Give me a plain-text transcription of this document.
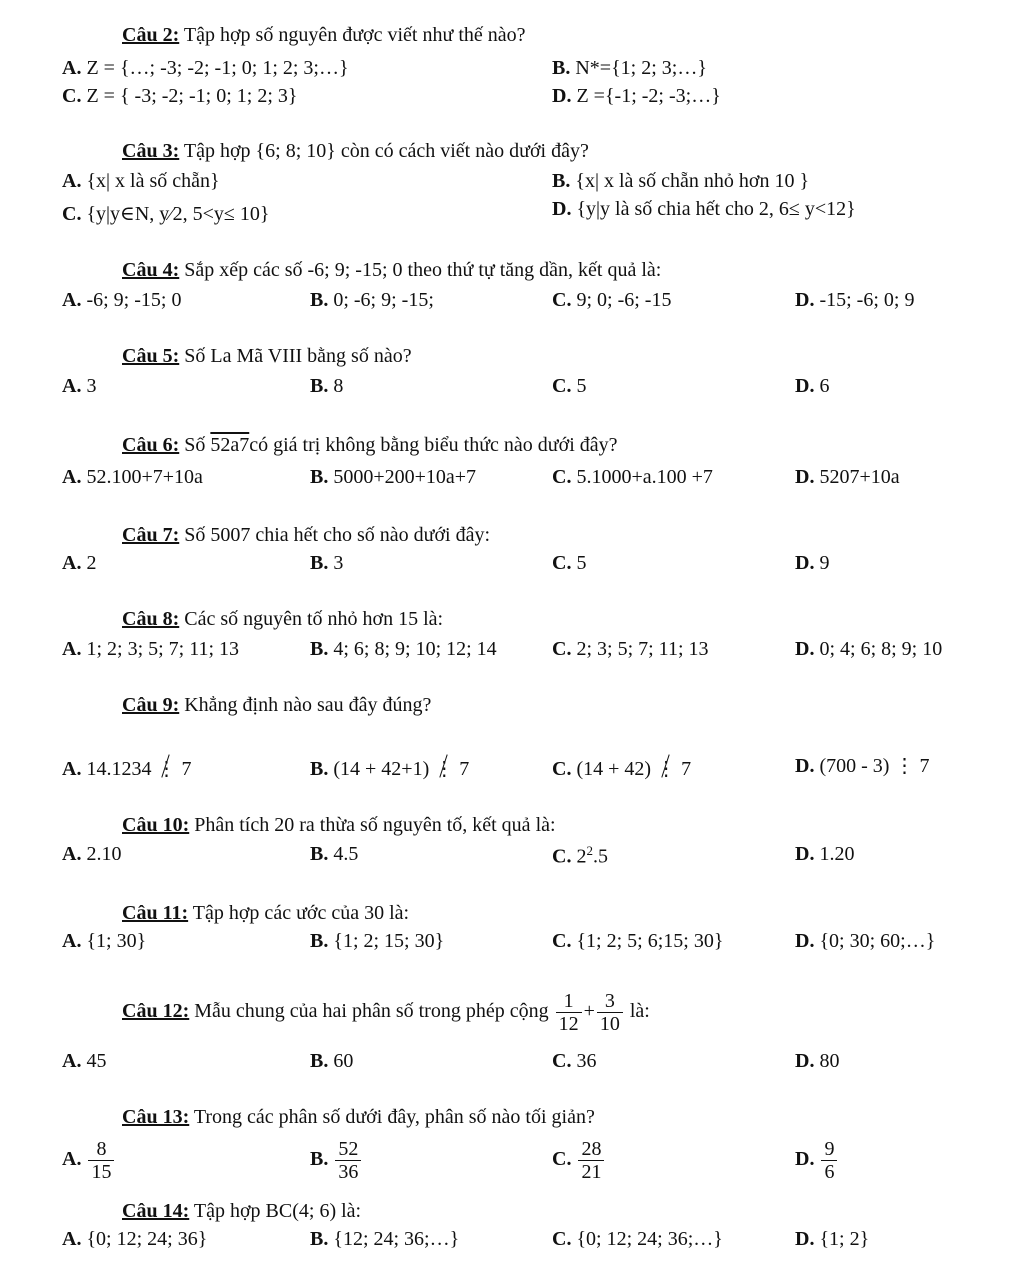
Câu 2: Tập hợp số nguyên được viết như thế nào?
A. Z = {…; -3; -2; -1; 0; 1; 2; 3;…}	B. N*={1; 2; 3;…}
C. Z = { -3; -2; -1; 0; 1; 2; 3}	D. Z ={-1; -2; -3;…}
Câu 3: Tập hợp {6; 8; 10} còn có cách viết nào dưới đây?
A. {x| x là số chẵn}	B. {x| x là số chẵn nhỏ hơn 10 }
C. {y|y∈N, y⁄2, 5<y≤ 10}	D. {y|y là số chia hết cho 2, 6≤ y<12}
Câu 4: Sắp xếp các số -6; 9; -15; 0 theo thứ tự tăng dần, kết quả là:
A. -6; 9; -15; 0	B. 0; -6; 9; -15;	C. 9; 0; -6; -15	D. -15; -6; 0; 9
Câu 5: Số La Mã VIII bằng số nào?
A. 3	B. 8	C. 5	D. 6
Câu 6: Số 52a7có giá trị không bằng biểu thức nào dưới đây?
A. 52.100+7+10a	B. 5000+200+10a+7	C. 5.1000+a.100 +7	D. 5207+10a
Câu 7: Số 5007 chia hết cho số nào dưới đây:
A. 2	B. 3	C. 5	D. 9
Câu 8: Các số nguyên tố nhỏ hơn 15 là:
A. 1; 2; 3; 5; 7; 11; 13	B. 4; 6; 8; 9; 10; 12; 14	C. 2; 3; 5; 7; 11; 13	D. 0; 4; 6; 8; 9; 10
Câu 9: Khẳng định nào sau đây đúng?
A. 14.1234 ⋮ 7	B. (14 + 42+1) ⋮ 7	C. (14 + 42) ⋮ 7	D. (700 - 3) ⋮ 7
Câu 10: Phân tích 20 ra thừa số nguyên tố, kết quả là:
A. 2.10	B. 4.5	C. $2^2.5$	D. 1.20
Câu 11: Tập hợp các ước của 30 là:
A. {1; 30}	B. {1; 2; 15; 30}	C. {1; 2; 5; 6;15; 30}	D. {0; 30; 60;…}
Câu 12: Mẫu chung của hai phân số trong phép cộng $\frac{1}{12} + \frac{3}{10}$ là:
A. 45	B. 60	C. 36	D. 80
Câu 13: Trong các phân số dưới đây, phân số nào tối giản?
A. $\frac{8}{15}$	B. $\frac{52}{36}$	C. $\frac{28}{21}$	D. $\frac{9}{6}$
Câu 14: Tập hợp BC(4; 6) là:
A. {0; 12; 24; 36}	B. {12; 24; 36;…}	C. {0; 12; 24; 36;…}	D. {1; 2}
